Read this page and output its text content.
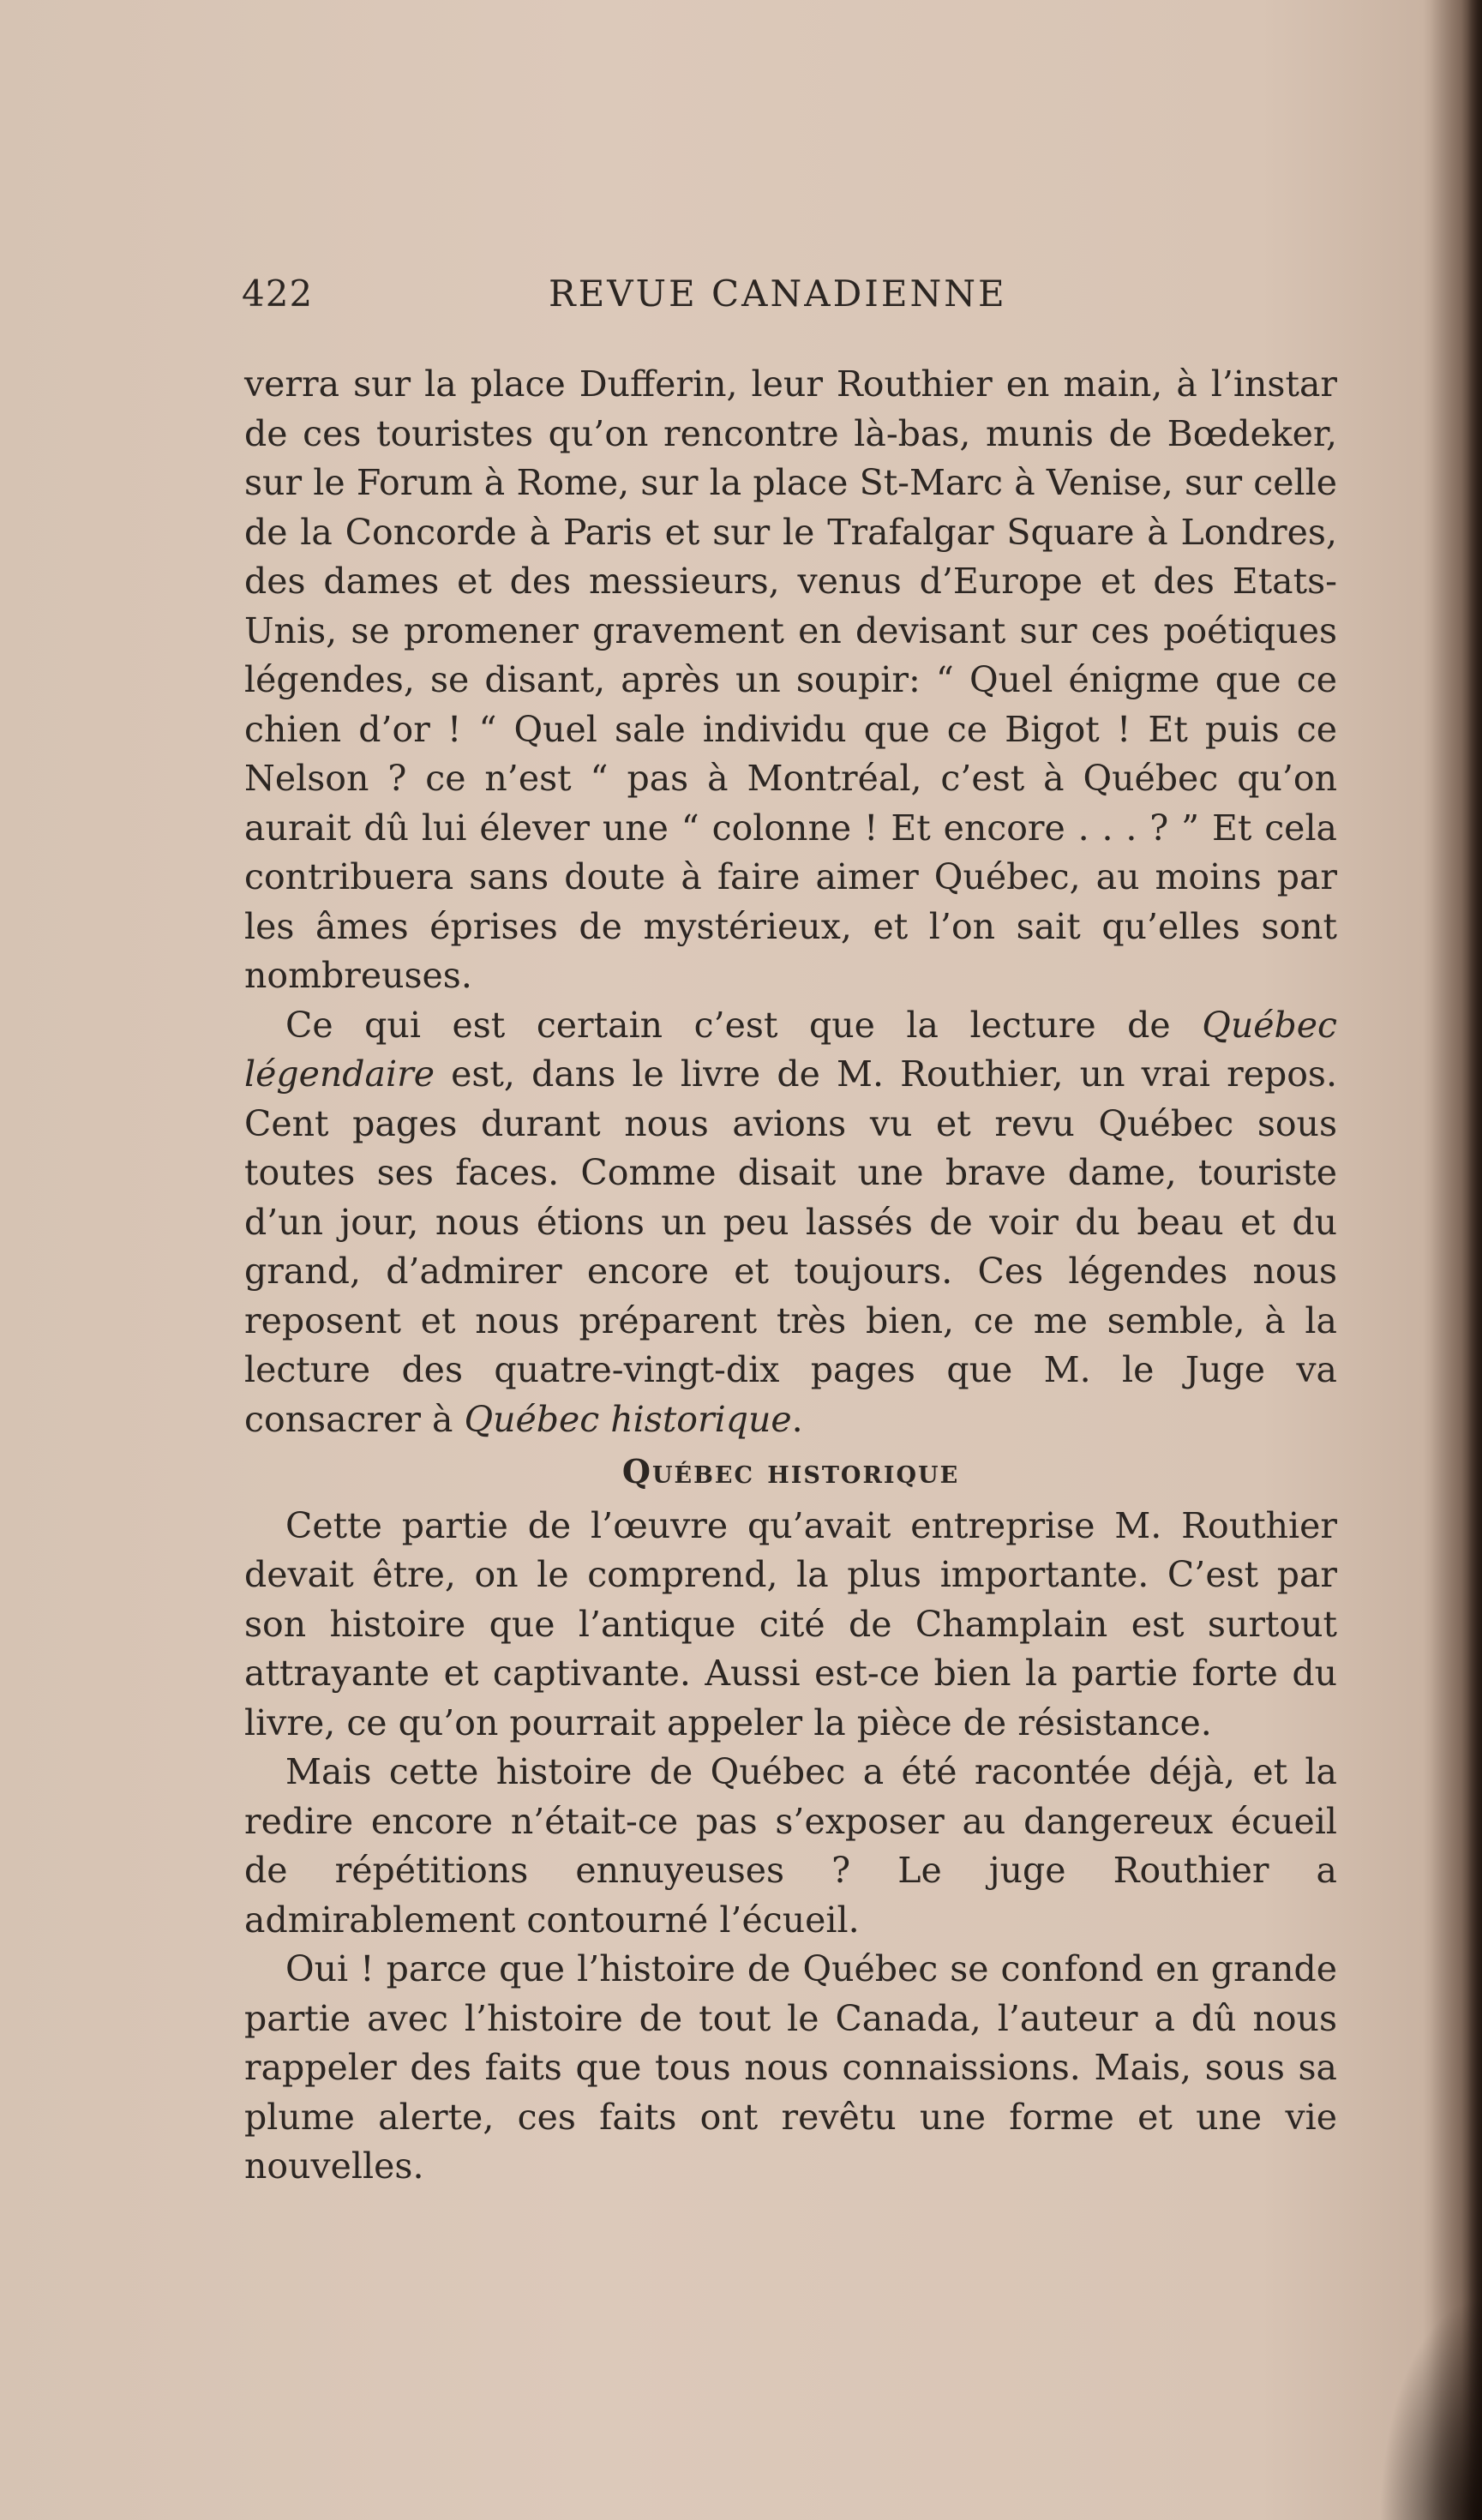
422	REVUE CANADIENNE

verra sur la place Dufferin, leur Routhier en main, à l’instar de ces touristes qu’on rencontre là-bas, munis de Bœdeker, sur le Forum à Rome, sur la place St-Marc à Venise, sur celle de la Concorde à Paris et sur le Trafalgar Square à Londres, des dames et des messieurs, venus d’Europe et des Etats-Unis, se promener gravement en devisant sur ces poétiques légendes, se disant, après un soupir: “ Quel énigme que ce chien d’or ! “ Quel sale individu que ce Bigot ! Et puis ce Nelson ? ce n’est “ pas à Montréal, c’est à Québec qu’on aurait dû lui élever une “ colonne ! Et encore . . . ? ” Et cela contribuera sans doute à faire aimer Québec, au moins par les âmes éprises de mystérieux, et l’on sait qu’elles sont nombreuses.

Ce qui est certain c’est que la lecture de Québec légendaire est, dans le livre de M. Routhier, un vrai repos. Cent pages durant nous avions vu et revu Québec sous toutes ses faces. Comme disait une brave dame, touriste d’un jour, nous étions un peu lassés de voir du beau et du grand, d’admirer encore et toujours. Ces légendes nous reposent et nous préparent très bien, ce me semble, à la lecture des quatre-vingt-dix pages que M. le Juge va consacrer à Québec historique.

Québec historique

Cette partie de l’œuvre qu’avait entreprise M. Routhier devait être, on le comprend, la plus importante. C’est par son histoire que l’antique cité de Champlain est surtout attrayante et captivante. Aussi est-ce bien la partie forte du livre, ce qu’on pourrait appeler la pièce de résistance.

Mais cette histoire de Québec a été racontée déjà, et la redire encore n’était-ce pas s’exposer au dangereux écueil de répétitions ennuyeuses ? Le juge Routhier a admirablement contourné l’écueil.

Oui ! parce que l’histoire de Québec se confond en grande partie avec l’histoire de tout le Canada, l’auteur a dû nous rappeler des faits que tous nous connaissions. Mais, sous sa plume alerte, ces faits ont revêtu une forme et une vie nouvelles.
